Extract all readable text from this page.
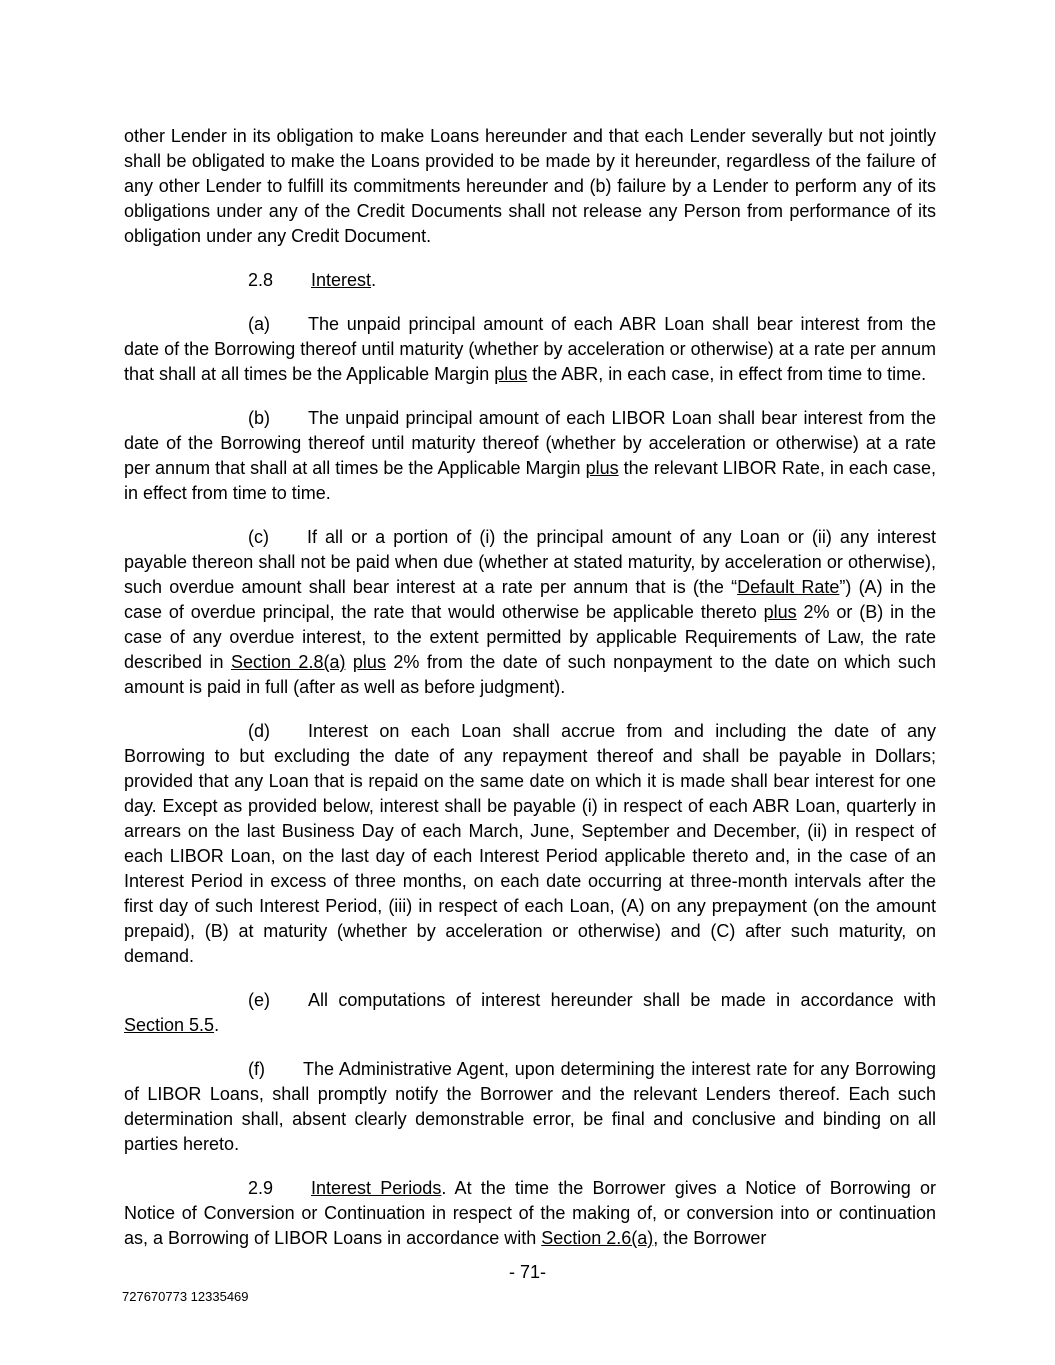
other Lender in its obligation to make Loans hereunder and that each Lender severally but not jointly shall be obligated to make the Loans provided to be made by it hereunder, regardless of the failure of any other Lender to fulfill its commitments hereunder and (b) failure by a Lender to perform any of its obligations under any of the Credit Documents shall not release any Person from performance of its obligation under any Credit Document.

2.8 Interest.

(a) The unpaid principal amount of each ABR Loan shall bear interest from the date of the Borrowing thereof until maturity (whether by acceleration or otherwise) at a rate per annum that shall at all times be the Applicable Margin plus the ABR, in each case, in effect from time to time.

(b) The unpaid principal amount of each LIBOR Loan shall bear interest from the date of the Borrowing thereof until maturity thereof (whether by acceleration or otherwise) at a rate per annum that shall at all times be the Applicable Margin plus the relevant LIBOR Rate, in each case, in effect from time to time.

(c) If all or a portion of (i) the principal amount of any Loan or (ii) any interest payable thereon shall not be paid when due (whether at stated maturity, by acceleration or otherwise), such overdue amount shall bear interest at a rate per annum that is (the “Default Rate”) (A) in the case of overdue principal, the rate that would otherwise be applicable thereto plus 2% or (B) in the case of any overdue interest, to the extent permitted by applicable Requirements of Law, the rate described in Section 2.8(a) plus 2% from the date of such nonpayment to the date on which such amount is paid in full (after as well as before judgment).

(d) Interest on each Loan shall accrue from and including the date of any Borrowing to but excluding the date of any repayment thereof and shall be payable in Dollars; provided that any Loan that is repaid on the same date on which it is made shall bear interest for one day. Except as provided below, interest shall be payable (i) in respect of each ABR Loan, quarterly in arrears on the last Business Day of each March, June, September and December, (ii) in respect of each LIBOR Loan, on the last day of each Interest Period applicable thereto and, in the case of an Interest Period in excess of three months, on each date occurring at three-month intervals after the first day of such Interest Period, (iii) in respect of each Loan, (A) on any prepayment (on the amount prepaid), (B) at maturity (whether by acceleration or otherwise) and (C) after such maturity, on demand.

(e) All computations of interest hereunder shall be made in accordance with Section 5.5.

(f) The Administrative Agent, upon determining the interest rate for any Borrowing of LIBOR Loans, shall promptly notify the Borrower and the relevant Lenders thereof. Each such determination shall, absent clearly demonstrable error, be final and conclusive and binding on all parties hereto.

2.9 Interest Periods. At the time the Borrower gives a Notice of Borrowing or Notice of Conversion or Continuation in respect of the making of, or conversion into or continuation as, a Borrowing of LIBOR Loans in accordance with Section 2.6(a), the Borrower

- 71-
727670773 12335469
